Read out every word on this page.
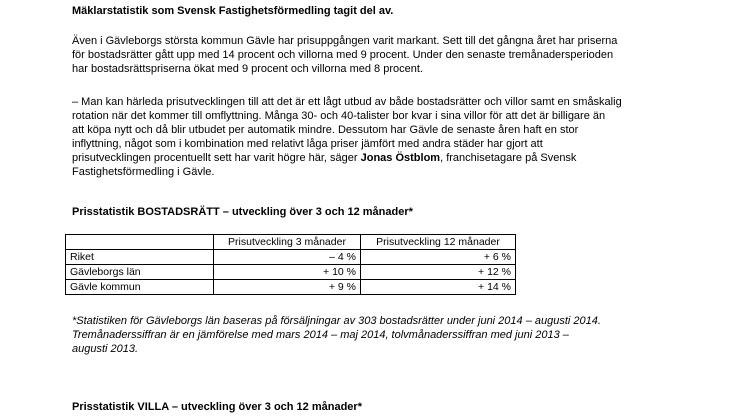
Mäklarstatistik som Svensk Fastighetsförmedling tagit del av.

Även i Gävleborgs största kommun Gävle har prisuppgången varit markant. Sett till det gångna året har priserna

för bostadsrätter gått upp med 14 procent och villorna med 9 procent. Under den senaste tremånadersperioden

har bostadsrättspriserna ökat med 9 procent och villorna med 8 procent.

– Man kan härleda prisutvecklingen till att det är ett lågt utbud av både bostadsrätter och villor samt en småskalig

rotation när det kommer till omflyttning. Många 30- och 40-talister bor kvar i sina villor för att det är billigare än

att köpa nytt och då blir utbudet per automatik mindre. Dessutom har Gävle de senaste åren haft en stor

inflyttning, något som i kombination med relativt låga priser jämfört med andra städer har gjort att

prisutvecklingen procentuellt sett har varit högre här, säger Jonas Östblom, franchisetagare på Svensk

Fastighetsförmedling i Gävle.

Prisstatistik BOSTADSRÄTT – utveckling över 3 och 12 månader*
	Prisutveckling 3 månader	Prisutveckling 12 månader
Riket	– 4 %	+ 6 %
Gävleborgs län	+ 10 %	+ 12 %
Gävle kommun	+ 9 %	+ 14 %

*Statistiken för Gävleborgs län baseras på försäljningar av 303 bostadsrätter under juni 2014 – augusti 2014.

Tremånaderssiffran är en jämförelse med mars 2014 – maj 2014, tolvmånaderssiffran med juni 2013 –

augusti 2013.

Prisstatistik VILLA – utveckling över 3 och 12 månader*
